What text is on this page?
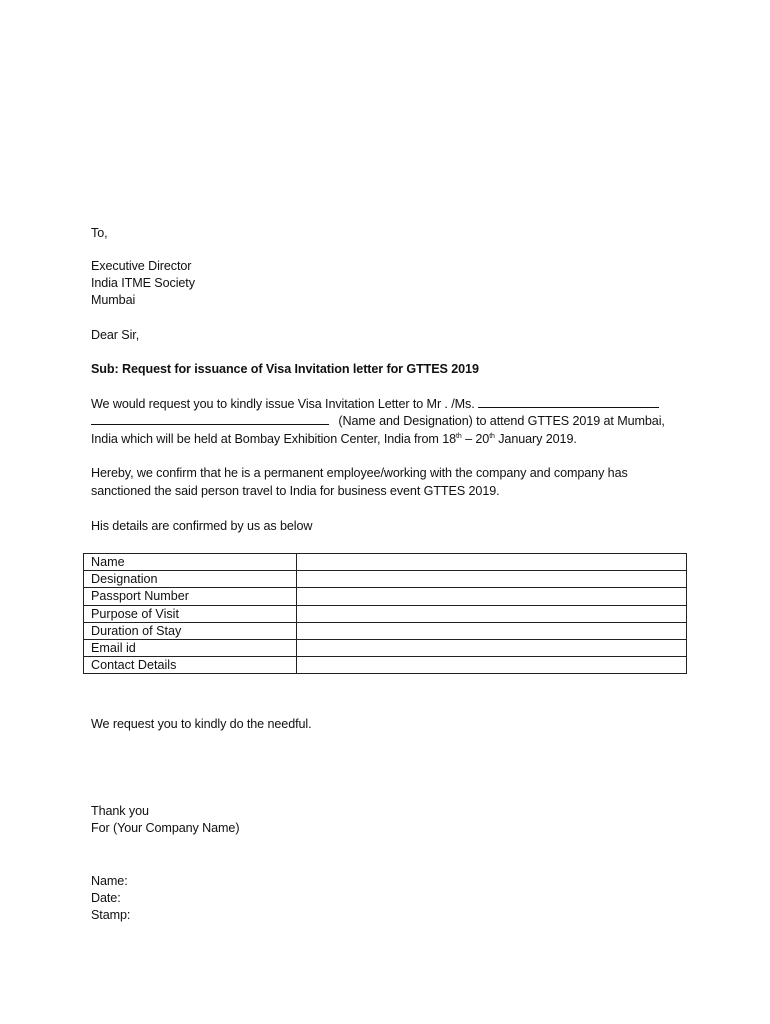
To,
Executive Director
India ITME Society
Mumbai
Dear Sir,
Sub: Request for issuance of Visa Invitation letter for GTTES 2019
We would request you to kindly issue Visa Invitation Letter to Mr . /Ms.
(Name and Designation) to attend GTTES 2019 at Mumbai,
India which will be held at Bombay Exhibition Center, India from 18th – 20th January 2019.
Hereby, we confirm that he is a permanent employee/working with the company and company has
sanctioned the said person travel to India for business event GTTES 2019.
His details are confirmed by us as below
Name	
Designation	
Passport Number	
Purpose of Visit	
Duration of Stay	
Email id	
Contact Details	
We request you to kindly do the needful.
Thank you
For (Your Company Name)
Name:
Date:
Stamp:
